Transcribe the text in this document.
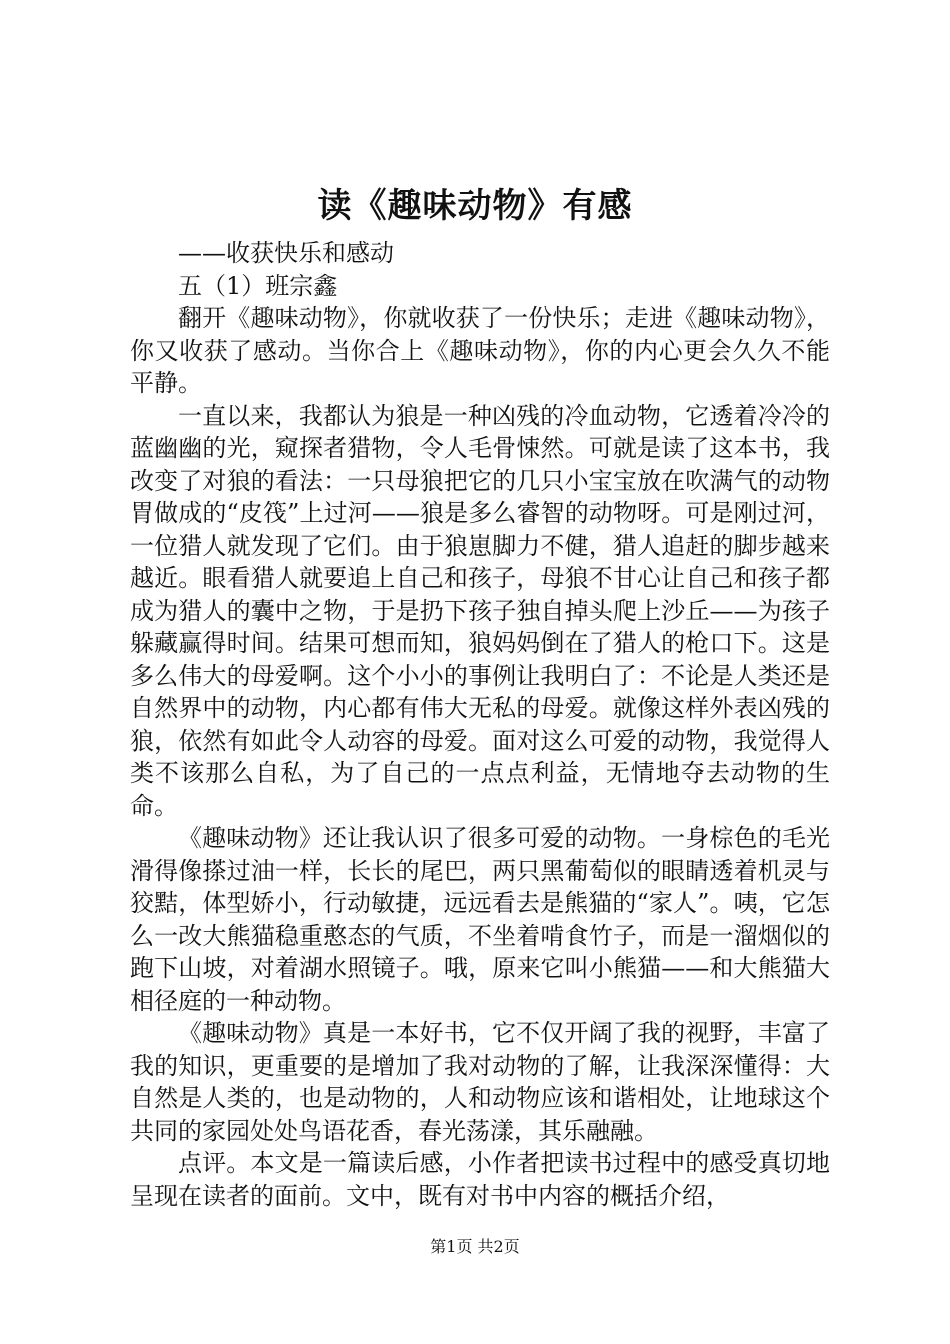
读《趣味动物》有感

——收获快乐和感动

五（1）班宗鑫

翻开《趣味动物》，你就收获了一份快乐；走进《趣味动物》，你又收获了感动。当你合上《趣味动物》，你的内心更会久久不能平静。

一直以来，我都认为狼是一种凶残的冷血动物，它透着冷冷的蓝幽幽的光，窥探者猎物，令人毛骨悚然。可就是读了这本书，我改变了对狼的看法：一只母狼把它的几只小宝宝放在吹满气的动物胃做成的“皮筏”上过河——狼是多么睿智的动物呀。可是刚过河，一位猎人就发现了它们。由于狼崽脚力不健，猎人追赶的脚步越来越近。眼看猎人就要追上自己和孩子，母狼不甘心让自己和孩子都成为猎人的囊中之物，于是扔下孩子独自掉头爬上沙丘——为孩子躲藏赢得时间。结果可想而知，狼妈妈倒在了猎人的枪口下。这是多么伟大的母爱啊。这个小小的事例让我明白了：不论是人类还是自然界中的动物，内心都有伟大无私的母爱。就像这样外表凶残的狼，依然有如此令人动容的母爱。面对这么可爱的动物，我觉得人类不该那么自私，为了自己的一点点利益，无情地夺去动物的生命。

《趣味动物》还让我认识了很多可爱的动物。一身棕色的毛光滑得像搽过油一样，长长的尾巴，两只黑葡萄似的眼睛透着机灵与狡黠，体型娇小，行动敏捷，远远看去是熊猫的“家人”。咦，它怎么一改大熊猫稳重憨态的气质，不坐着啃食竹子，而是一溜烟似的跑下山坡，对着湖水照镜子。哦，原来它叫小熊猫——和大熊猫大相径庭的一种动物。

《趣味动物》真是一本好书，它不仅开阔了我的视野，丰富了我的知识，更重要的是增加了我对动物的了解，让我深深懂得：大自然是人类的，也是动物的，人和动物应该和谐相处，让地球这个共同的家园处处鸟语花香，春光荡漾，其乐融融。

点评。本文是一篇读后感，小作者把读书过程中的感受真切地呈现在读者的面前。文中，既有对书中内容的概括介绍，

第1页 共2页
